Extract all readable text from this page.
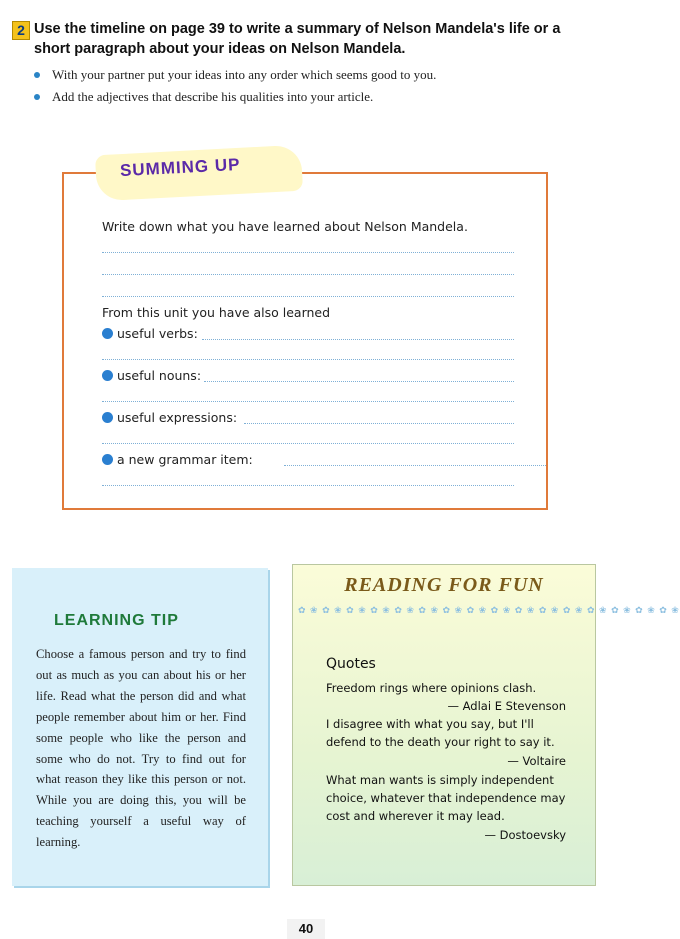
2 Use the timeline on page 39 to write a summary of Nelson Mandela's life or a short paragraph about your ideas on Nelson Mandela.
With your partner put your ideas into any order which seems good to you.
Add the adjectives that describe his qualities into your article.
SUMMING UP
Write down what you have learned about Nelson Mandela.
From this unit you have also learned
useful verbs:
useful nouns:
useful expressions:
a new grammar item:
LEARNING TIP
Choose a famous person and try to find out as much as you can about his or her life. Read what the person did and what people remember about him or her. Find some people who like the person and some who do not. Try to find out for what reason they like this person or not. While you are doing this, you will be teaching yourself a useful way of learning.
READING FOR FUN
✿ ❀ ✿ ❀ ✿ ❀ ✿ ❀ ✿ ❀ ✿ ❀ ✿ ❀ ✿ ❀ ✿ ❀ ✿ ❀ ✿ ❀ ✿ ❀ ✿ ❀ ✿ ❀ ✿ ❀ ✿ ❀
Quotes
Freedom rings where opinions clash.
— Adlai E Stevenson
I disagree with what you say, but I'll defend to the death your right to say it.
— Voltaire
What man wants is simply independent choice, whatever that independence may cost and wherever it may lead.
— Dostoevsky
40
